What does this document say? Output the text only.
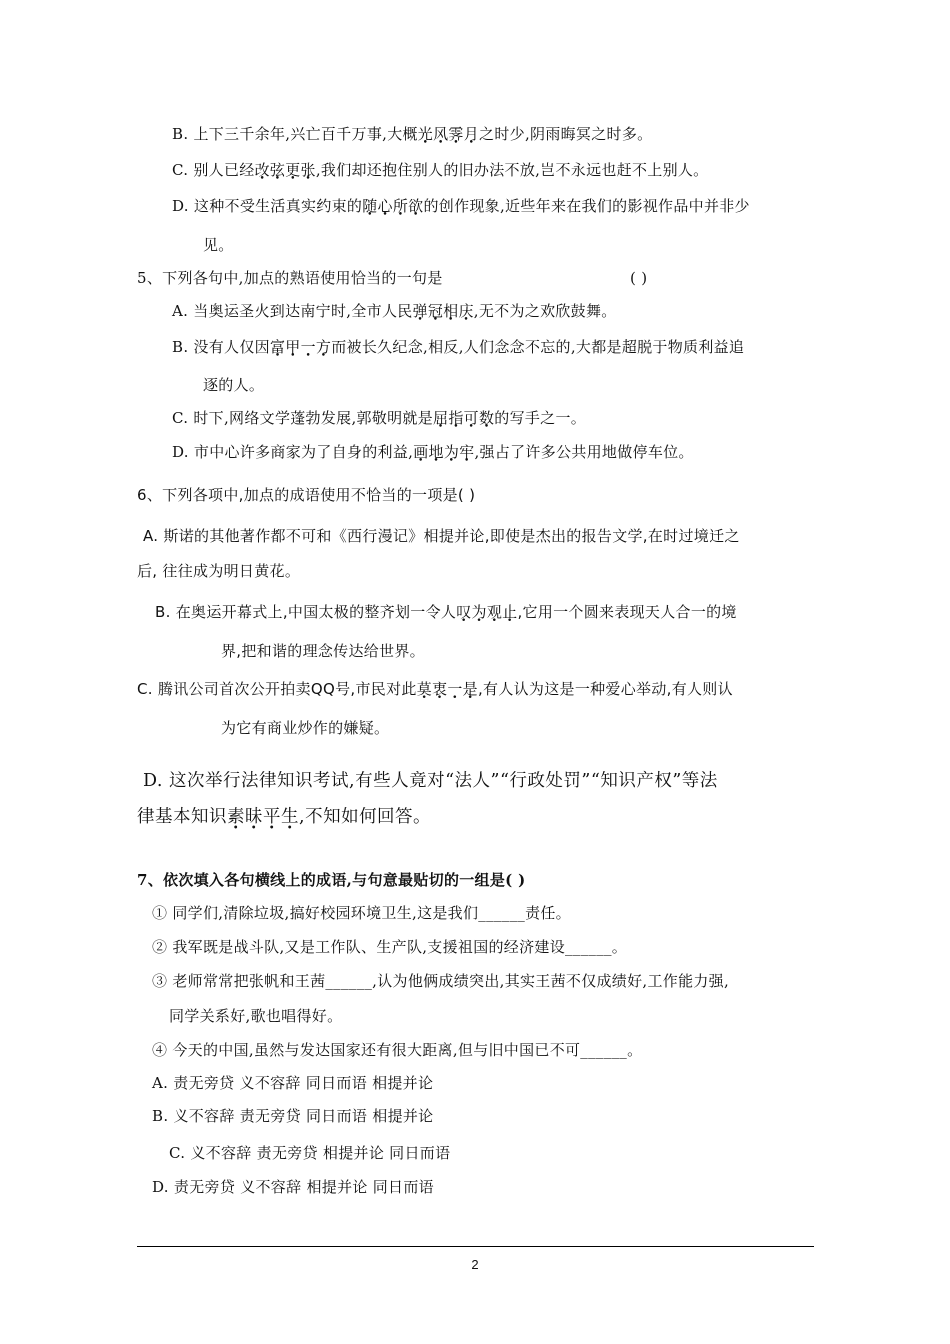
B. 上下三千余年,兴亡百千万事,大概光风霁月之时少,阴雨晦冥之时多。
C. 别人已经改弦更张,我们却还抱住别人的旧办法不放,岂不永远也赶不上别人。
D. 这种不受生活真实约束的随心所欲的创作现象,近些年来在我们的影视作品中并非少
见。
5、下列各句中,加点的熟语使用恰当的一句是	( )
A. 当奥运圣火到达南宁时,全市人民弹冠相庆,无不为之欢欣鼓舞。
B. 没有人仅因富甲一方而被长久纪念,相反,人们念念不忘的,大都是超脱于物质利益追
逐的人。
C. 时下,网络文学蓬勃发展,郭敬明就是屈指可数的写手之一。
D. 市中心许多商家为了自身的利益,画地为牢,强占了许多公共用地做停车位。
6、下列各项中,加点的成语使用不恰当的一项是( )
A. 斯诺的其他著作都不可和《西行漫记》相提并论,即使是杰出的报告文学,在时过境迁之
后, 往往成为明日黄花。
B. 在奥运开幕式上,中国太极的整齐划一令人叹为观止,它用一个圆来表现天人合一的境
界,把和谐的理念传达给世界。
C. 腾讯公司首次公开拍卖QQ号,市民对此莫衷一是,有人认为这是一种爱心举动,有人则认
为它有商业炒作的嫌疑。
D. 这次举行法律知识考试,有些人竟对“法人”“行政处罚”“知识产权”等法
律基本知识素昧平生,不知如何回答。
7、依次填入各句横线上的成语,与句意最贴切的一组是( )
① 同学们,清除垃圾,搞好校园环境卫生,这是我们______责任。
② 我军既是战斗队,又是工作队、生产队,支援祖国的经济建设______。
③ 老师常常把张帆和王茜______,认为他俩成绩突出,其实王茜不仅成绩好,工作能力强,
同学关系好,歌也唱得好。
④ 今天的中国,虽然与发达国家还有很大距离,但与旧中国已不可______。
A. 责无旁贷 义不容辞 同日而语 相提并论
B. 义不容辞 责无旁贷 同日而语 相提并论
C. 义不容辞 责无旁贷 相提并论 同日而语
D. 责无旁贷 义不容辞 相提并论 同日而语
2
